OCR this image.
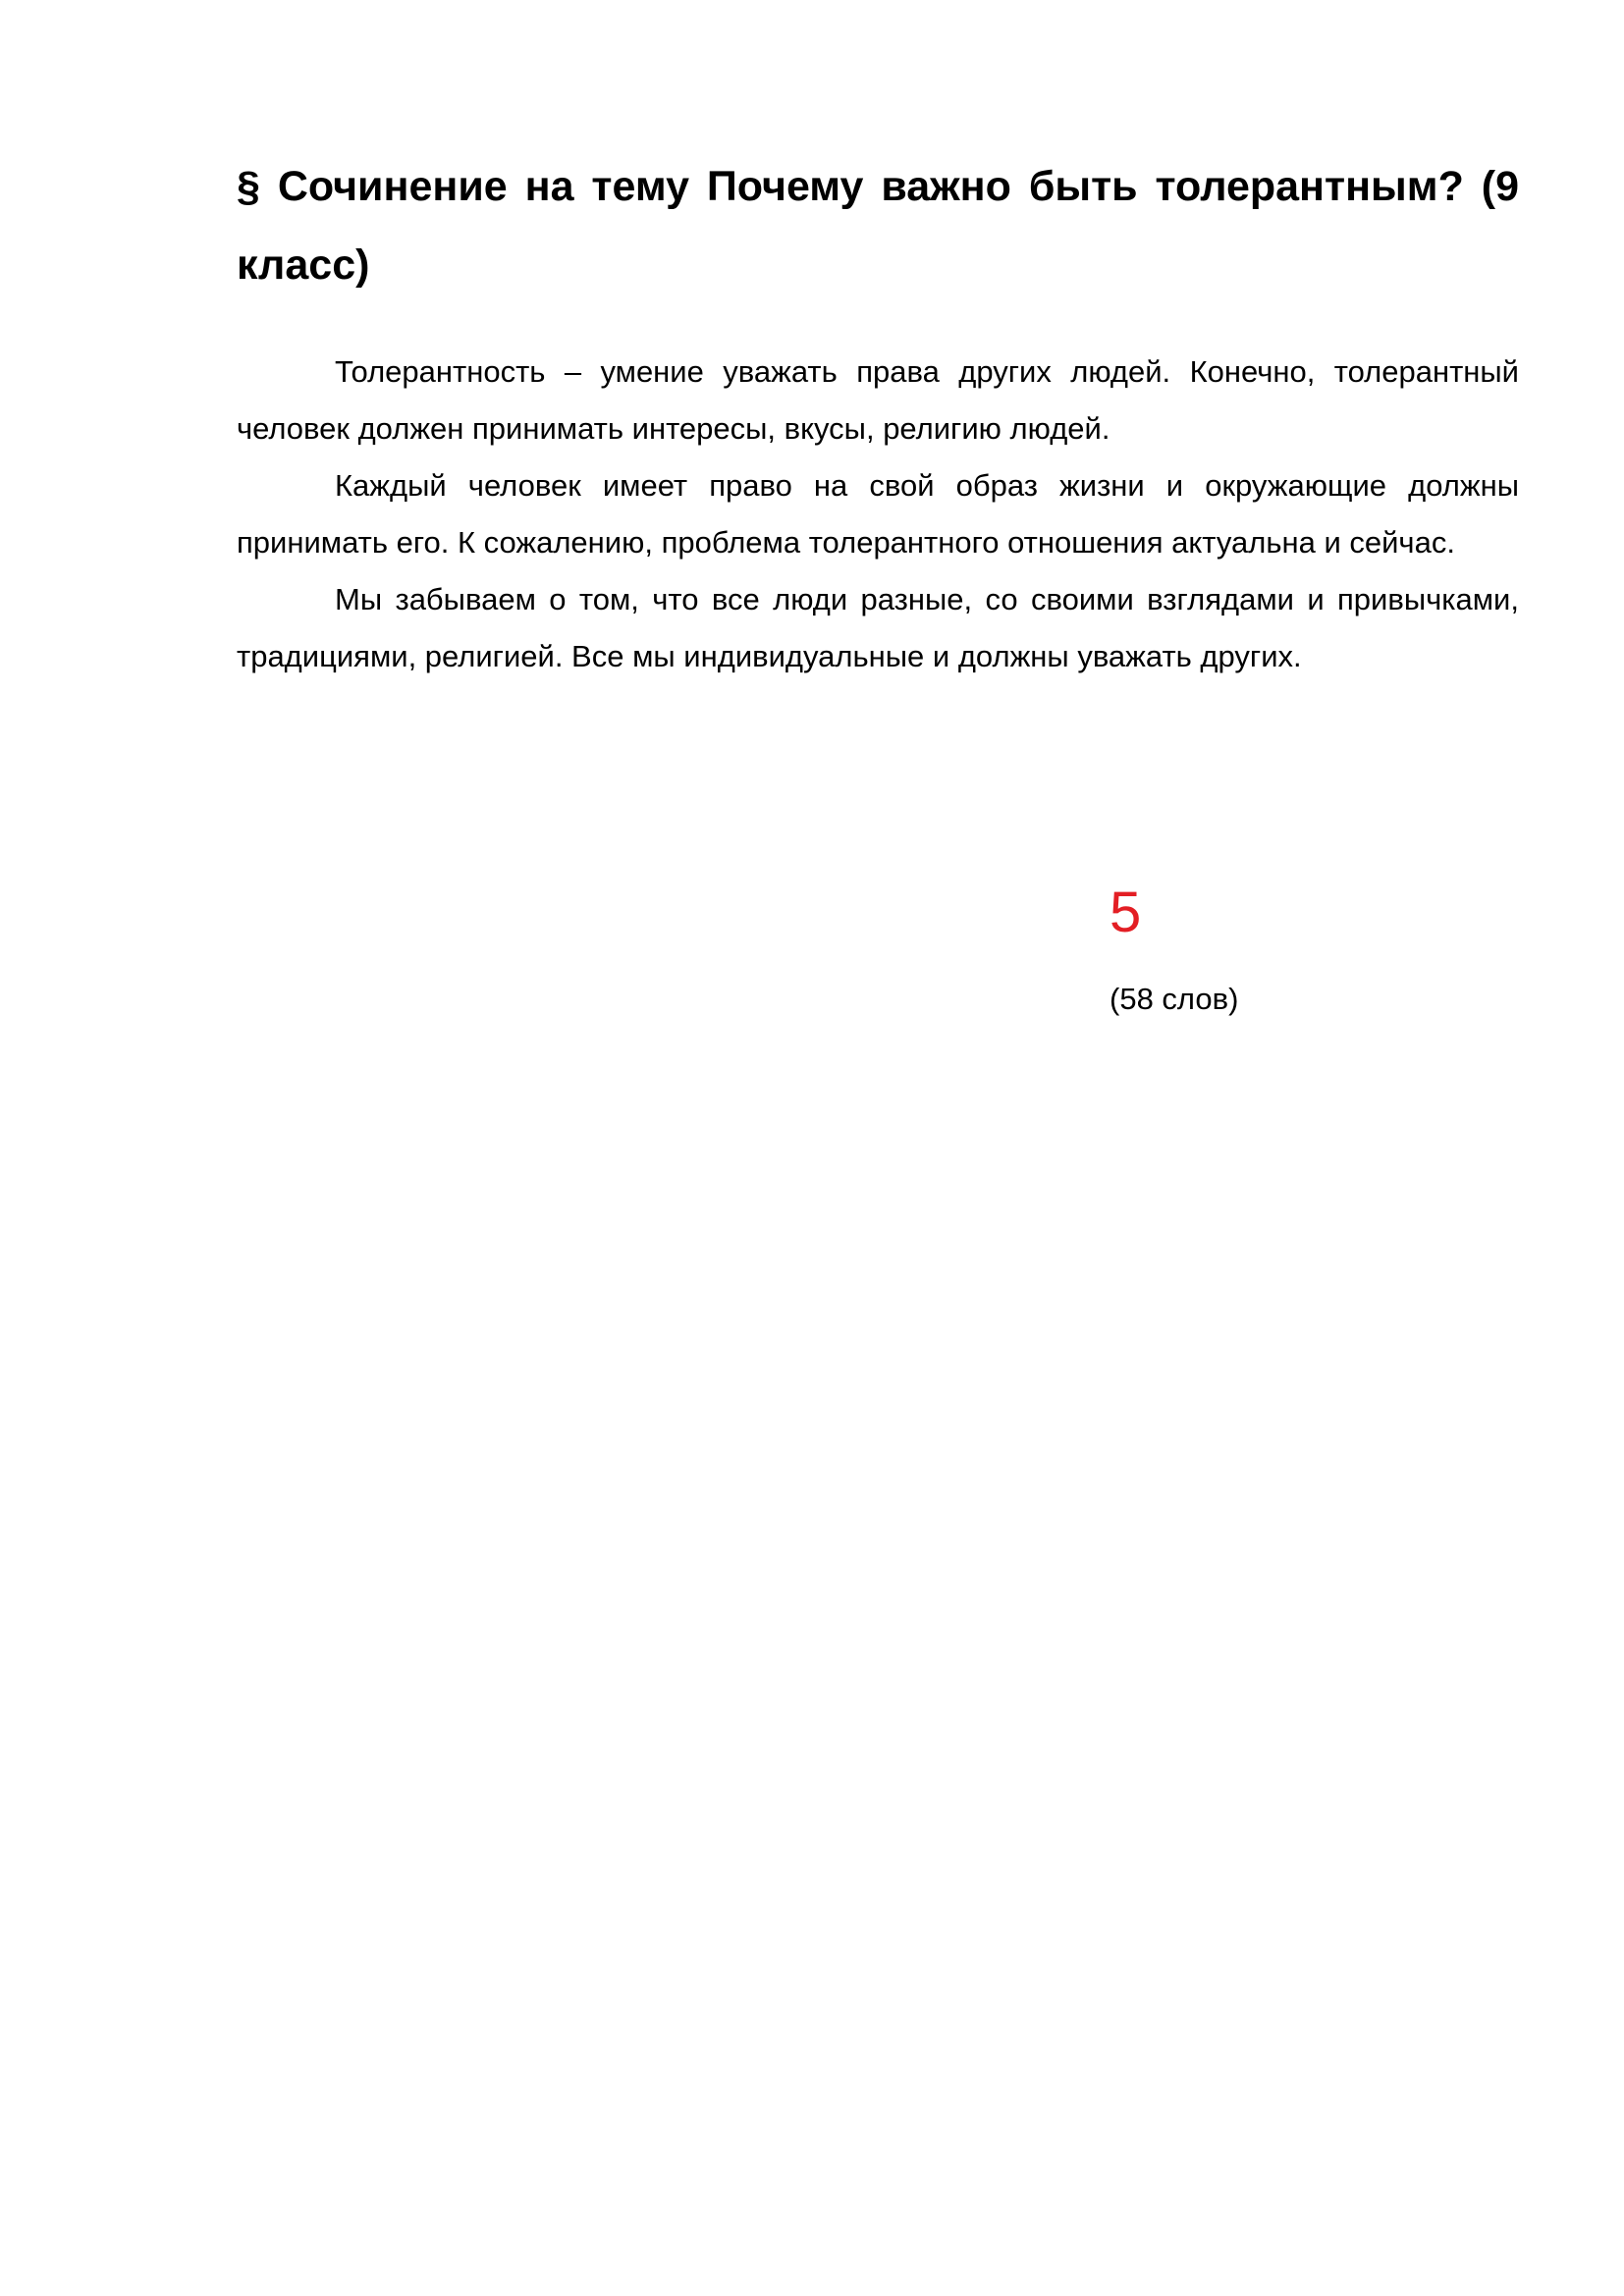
§ Сочинение на тему Почему важно быть толерантным? (9 класс)

Толерантность – умение уважать права других людей. Конечно, толерантный человек должен принимать интересы, вкусы, религию людей.

Каждый человек имеет право на свой образ жизни и окружающие должны принимать его. К сожалению, проблема толерантного отношения актуальна и сейчас.

Мы забываем о том, что все люди разные, со своими взглядами и привычками, традициями, религией. Все мы индивидуальные и должны уважать других.

5
(58 слов)
